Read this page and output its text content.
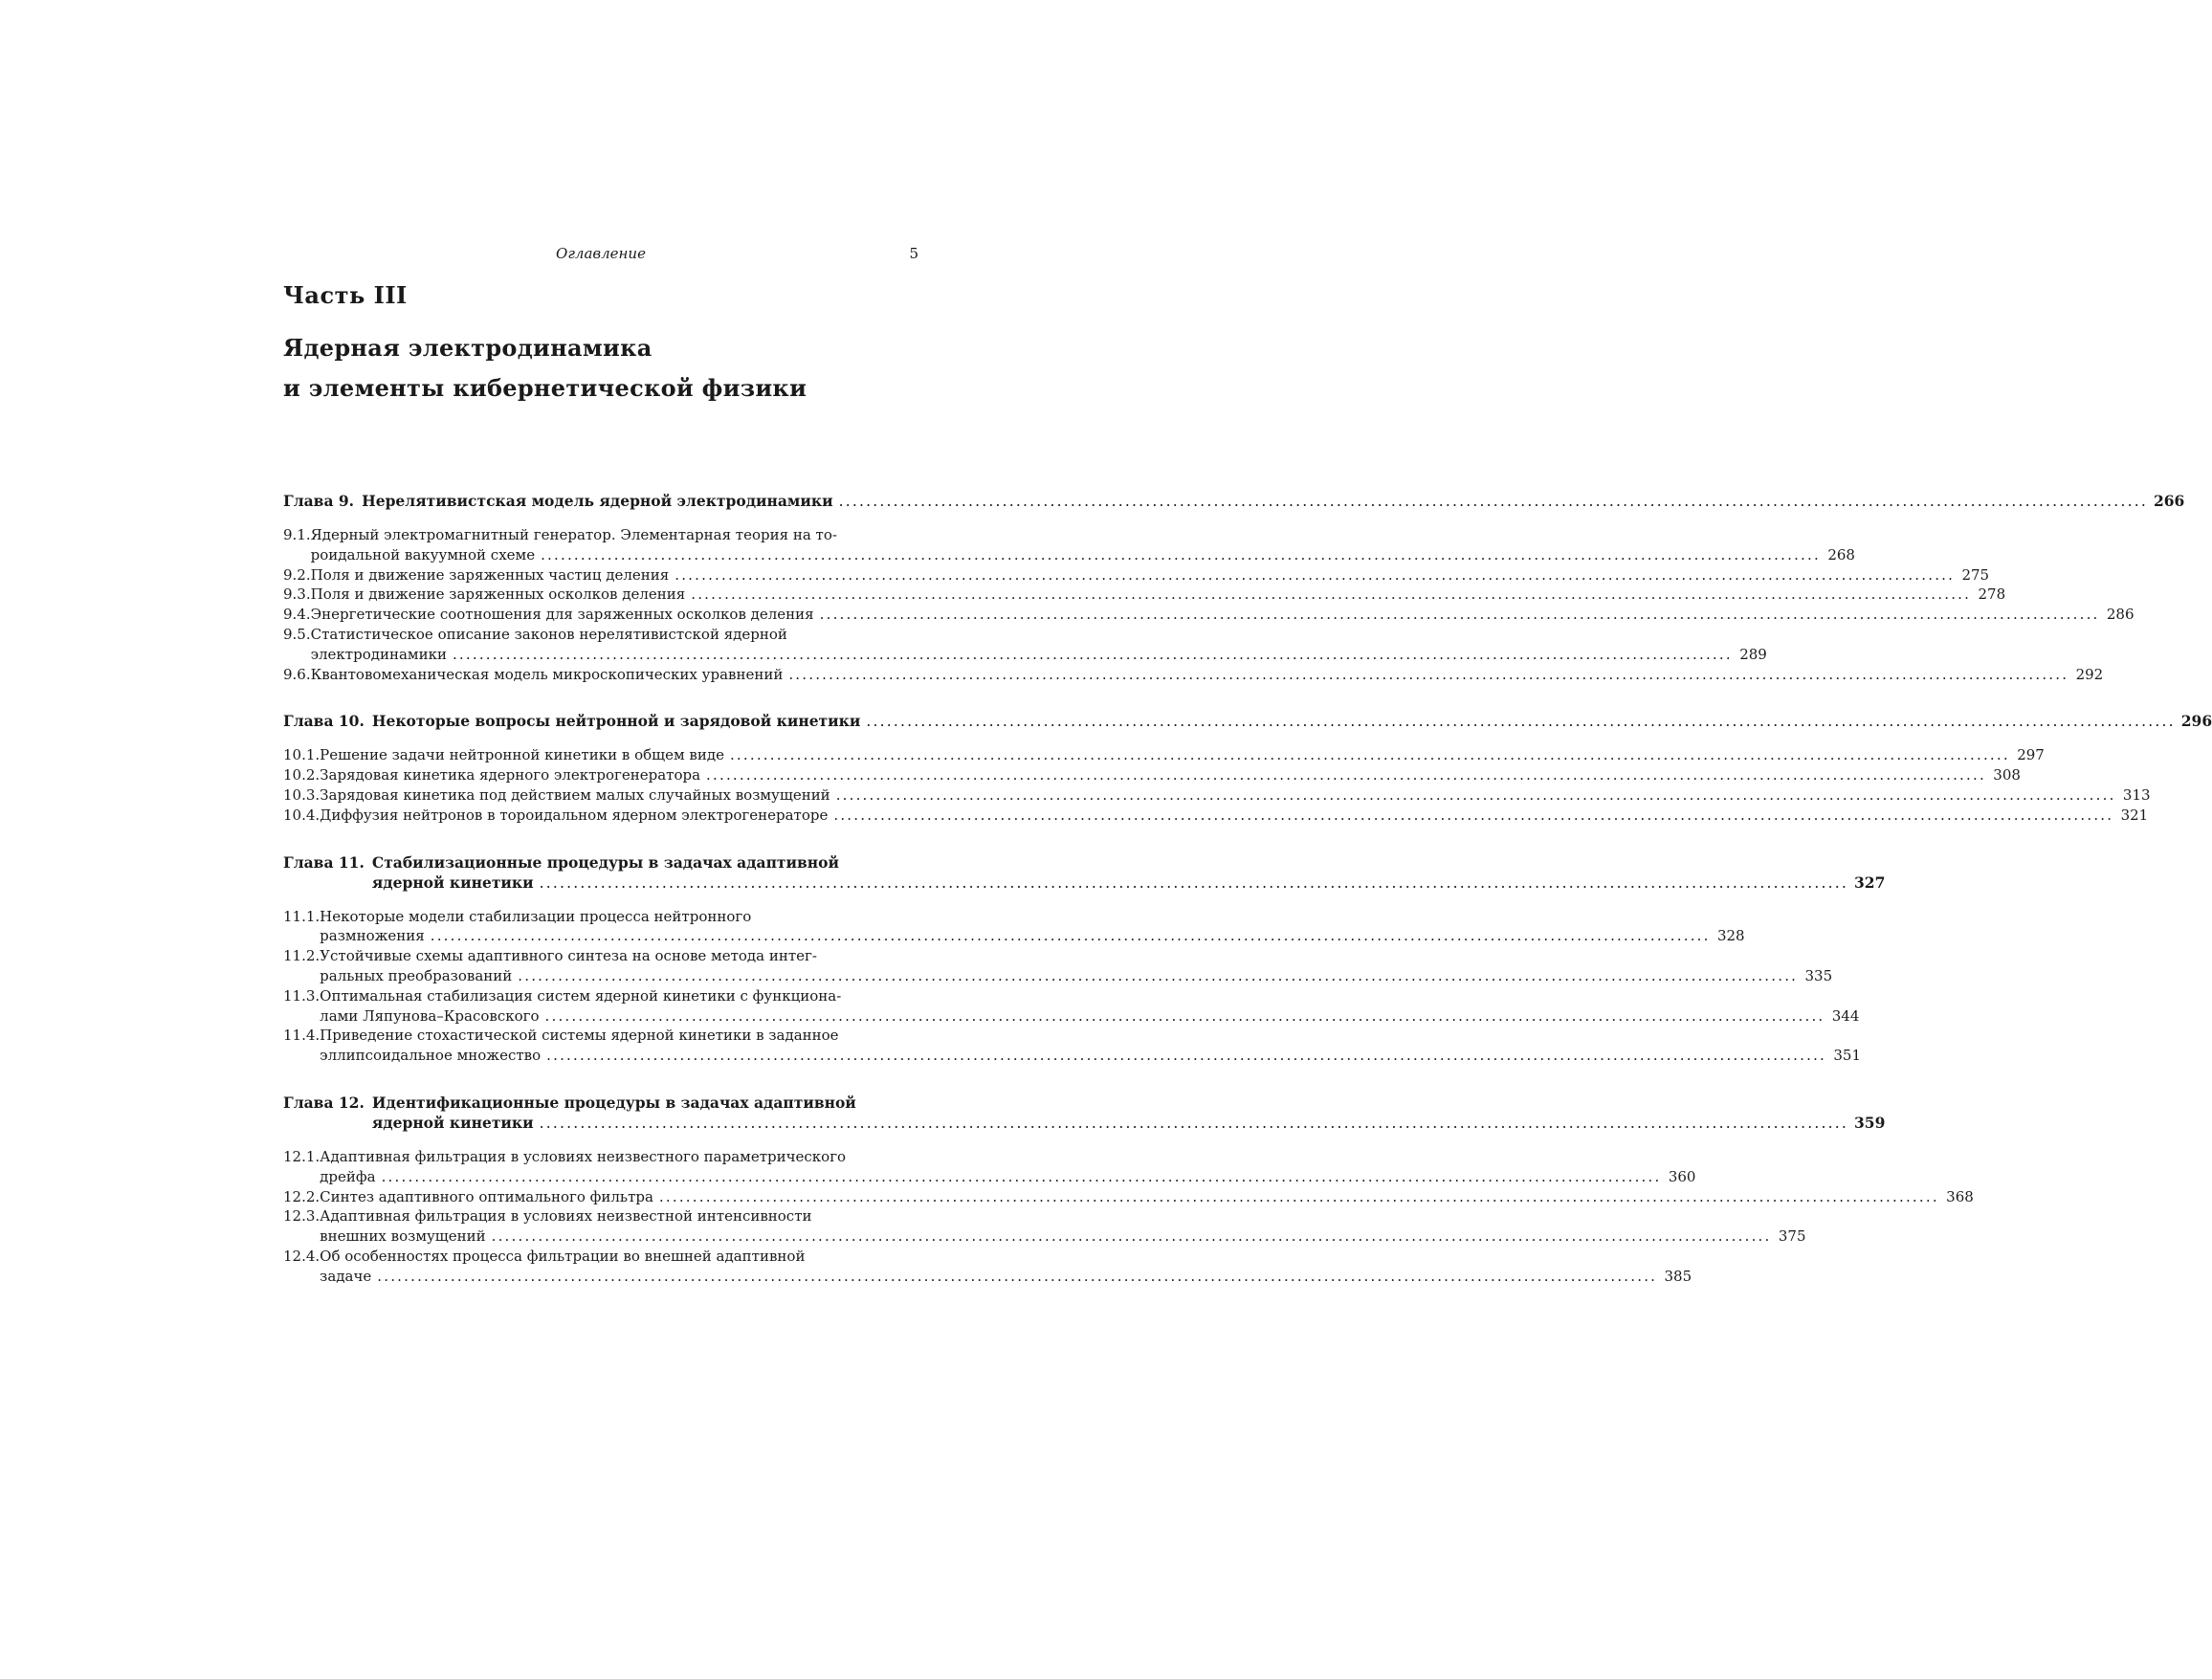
Оглавление	5
Часть III
Ядерная электродинамика
и элементы кибернетической физики
Глава 9. Нерелятивистская модель ядерной электродинамики .....	266
9.1. Ядерный электромагнитный генератор. Элементарная теория на то-
роидальной вакуумной схеме .....	268
9.2. Поля и движение заряженных частиц деления .....	275
9.3. Поля и движение заряженных осколков деления .....	278
9.4. Энергетические соотношения для заряженных осколков деления .....	286
9.5. Статистическое описание законов нерелятивистской ядерной
электродинамики .....	289
9.6. Квантовомеханическая модель микроскопических уравнений .....	292
Глава 10. Некоторые вопросы нейтронной и зарядовой кинетики .....	296
10.1. Решение задачи нейтронной кинетики в общем виде .....	297
10.2. Зарядовая кинетика ядерного электрогенератора .....	308
10.3. Зарядовая кинетика под действием малых случайных возмущений .....	313
10.4. Диффузия нейтронов в тороидальном ядерном электрогенераторе .....	321
Глава 11. Стабилизационные процедуры в задачах адаптивной
ядерной кинетики .....	327
11.1. Некоторые модели стабилизации процесса нейтронного
размножения .....	328
11.2. Устойчивые схемы адаптивного синтеза на основе метода интег-
ральных преобразований .....	335
11.3. Оптимальная стабилизация систем ядерной кинетики с функциона-
лами Ляпунова–Красовского .....	344
11.4. Приведение стохастической системы ядерной кинетики в заданное
эллипсоидальное множество .....	351
Глава 12. Идентификационные процедуры в задачах адаптивной
ядерной кинетики .....	359
12.1. Адаптивная фильтрация в условиях неизвестного параметрического
дрейфа .....	360
12.2. Синтез адаптивного оптимального фильтра .....	368
12.3. Адаптивная фильтрация в условиях неизвестной интенсивности
внешних возмущений .....	375
12.4. Об особенностях процесса фильтрации во внешней адаптивной
задаче .....	385
